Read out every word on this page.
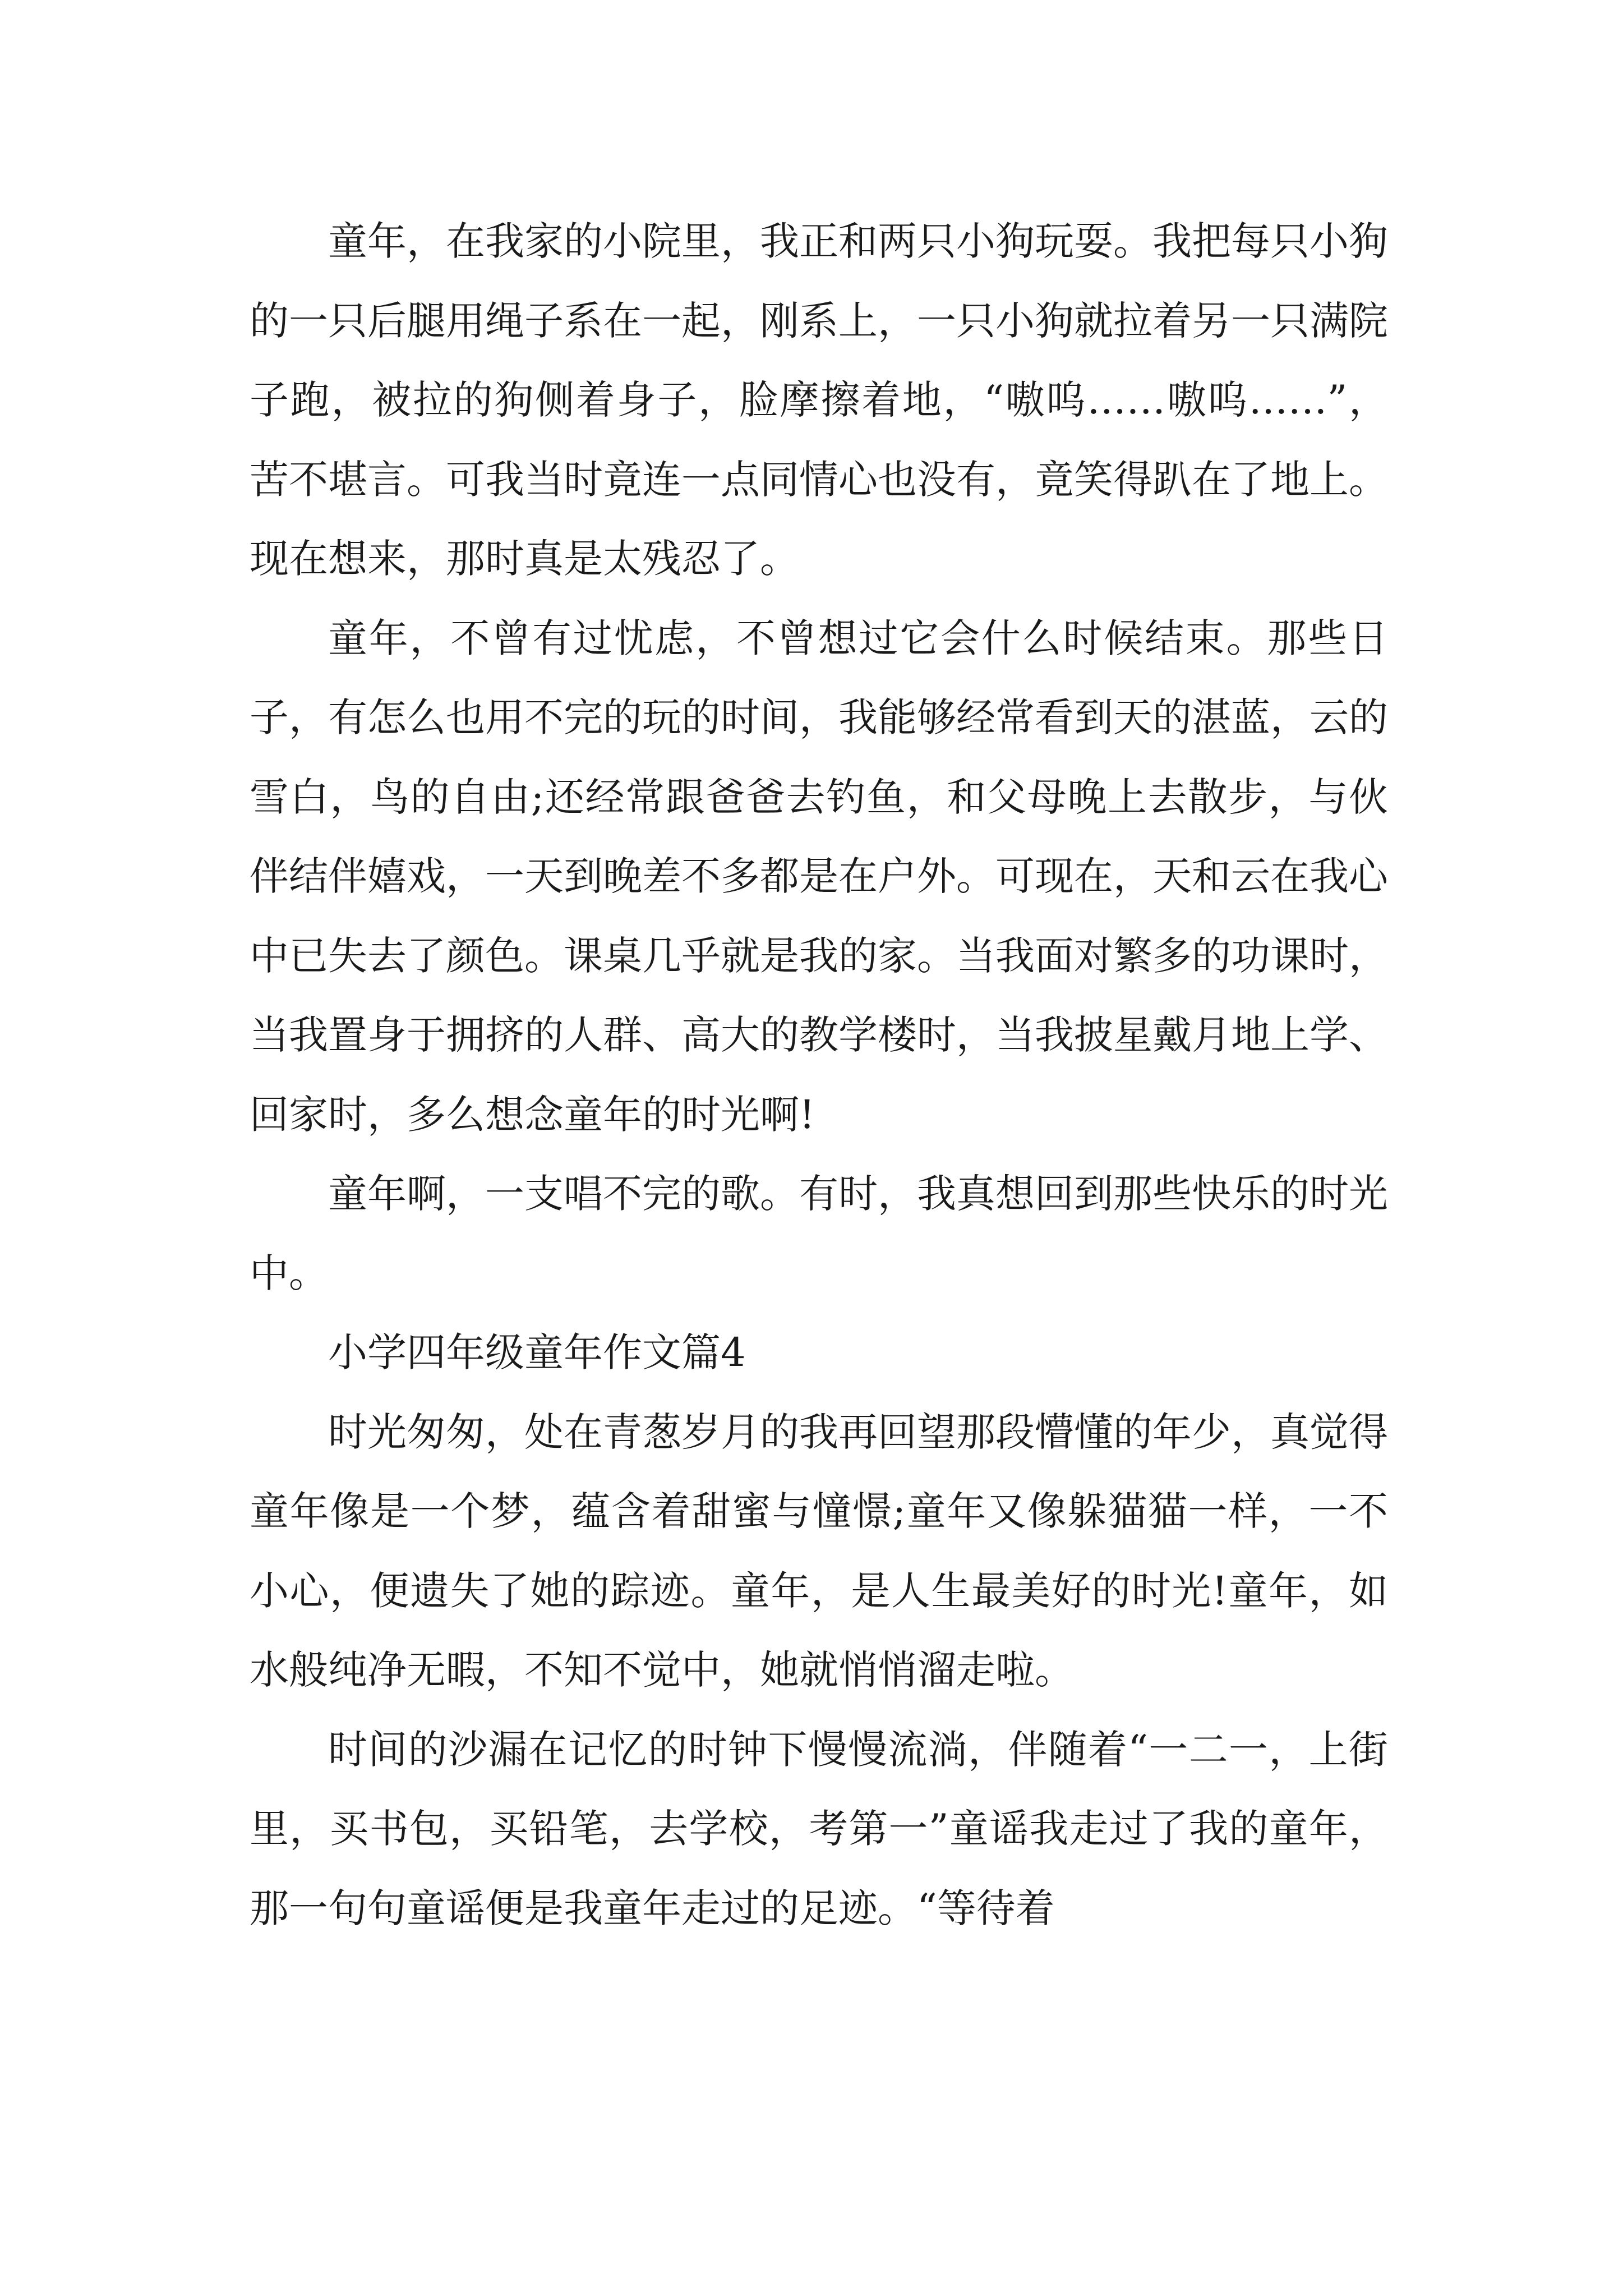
童年，在我家的小院里，我正和两只小狗玩耍。我把每只小狗的一只后腿用绳子系在一起，刚系上，一只小狗就拉着另一只满院子跑，被拉的狗侧着身子，脸摩擦着地，“嗷呜……嗷呜……”，苦不堪言。可我当时竟连一点同情心也没有，竟笑得趴在了地上。现在想来，那时真是太残忍了。

童年，不曾有过忧虑，不曾想过它会什么时候结束。那些日子，有怎么也用不完的玩的时间，我能够经常看到天的湛蓝，云的雪白，鸟的自由;还经常跟爸爸去钓鱼，和父母晚上去散步，与伙伴结伴嬉戏，一天到晚差不多都是在户外。可现在，天和云在我心中已失去了颜色。课桌几乎就是我的家。当我面对繁多的功课时，当我置身于拥挤的人群、高大的教学楼时，当我披星戴月地上学、回家时，多么想念童年的时光啊!

童年啊，一支唱不完的歌。有时，我真想回到那些快乐的时光中。

小学四年级童年作文篇4

时光匆匆，处在青葱岁月的我再回望那段懵懂的年少，真觉得童年像是一个梦，蕴含着甜蜜与憧憬;童年又像躲猫猫一样，一不小心，便遗失了她的踪迹。童年，是人生最美好的时光!童年，如水般纯净无暇，不知不觉中，她就悄悄溜走啦。

时间的沙漏在记忆的时钟下慢慢流淌，伴随着“一二一，上街里，买书包，买铅笔，去学校，考第一”童谣我走过了我的童年，那一句句童谣便是我童年走过的足迹。“等待着
